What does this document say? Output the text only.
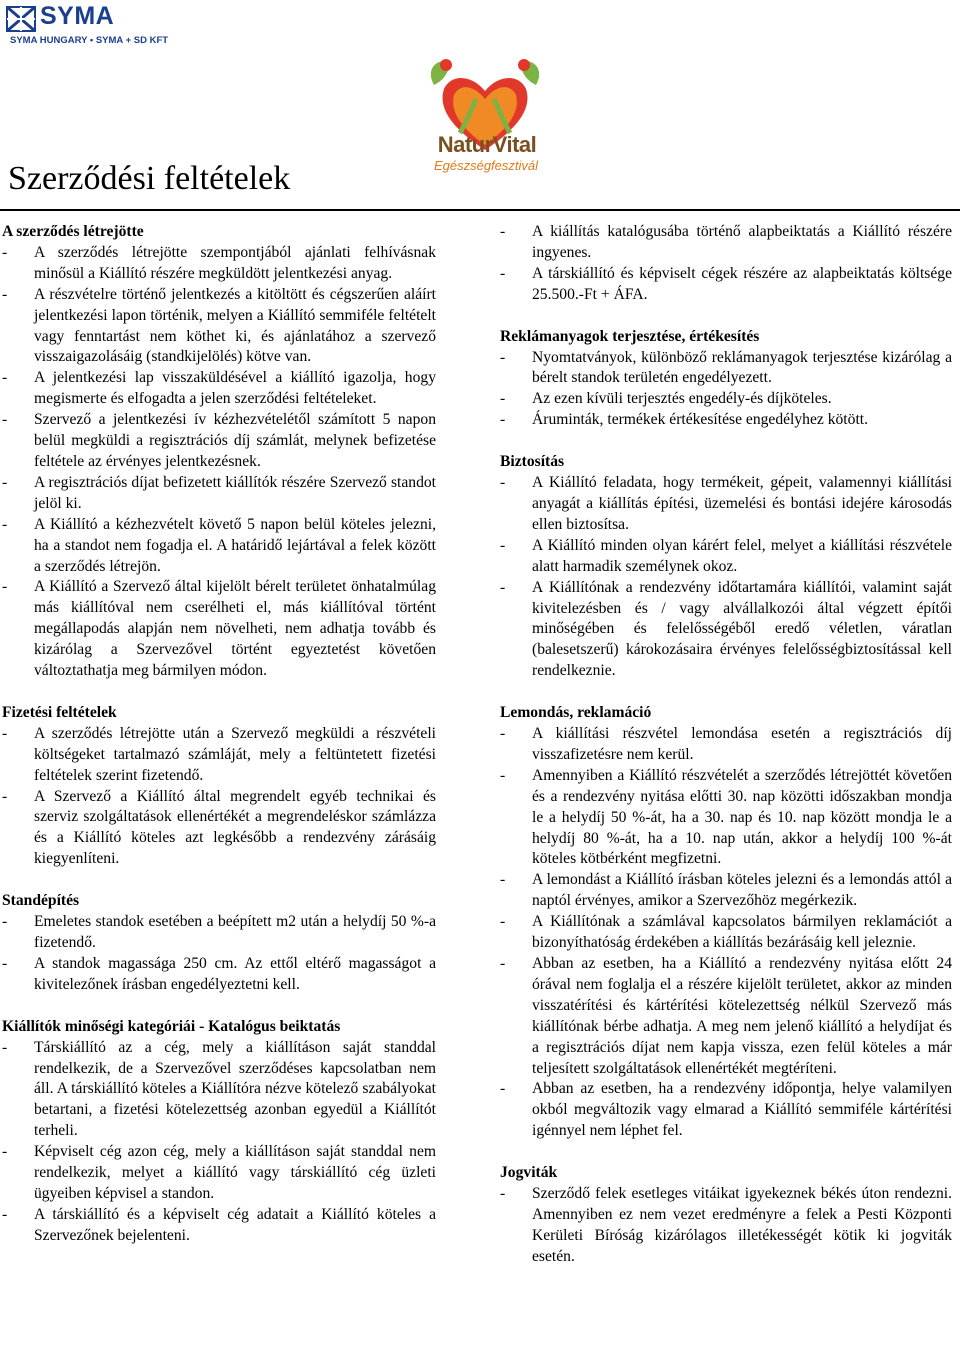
SYMA
SYMA HUNGARY • SYMA + SD KFT
NaturVital
Egészségfesztivál
Szerződési feltételek
A szerződés létrejötte
- A szerződés létrejötte szempontjából ajánlati felhívásnak minősül a Kiállító részére megküldött jelentkezési anyag.
- A részvételre történő jelentkezés a kitöltött és cégszerűen aláírt jelentkezési lapon történik, melyen a Kiállító semmiféle feltételt vagy fenntartást nem köthet ki, és ajánlatához a szervező visszaigazolásáig (standkijelölés) kötve van.
- A jelentkezési lap visszaküldésével a kiállító igazolja, hogy megismerte és elfogadta a jelen szerződési feltételeket.
- Szervező a jelentkezési ív kézhezvételétől számított 5 napon belül megküldi a regisztrációs díj számlát, melynek befizetése feltétele az érvényes jelentkezésnek.
- A regisztrációs díjat befizetett kiállítók részére Szervező standot jelöl ki.
- A Kiállító a kézhezvételt követő 5 napon belül köteles jelezni, ha a standot nem fogadja el. A határidő lejártával a felek között a szerződés létrejön.
- A Kiállító a Szervező által kijelölt bérelt területet önhatalmúlag más kiállítóval nem cserélheti el, más kiállítóval történt megállapodás alapján nem növelheti, nem adhatja tovább és kizárólag a Szervezővel történt egyeztetést követően változtathatja meg bármilyen módon.
Fizetési feltételek
- A szerződés létrejötte után a Szervező megküldi a részvételi költségeket tartalmazó számláját, mely a feltüntetett fizetési feltételek szerint fizetendő.
- A Szervező a Kiállító által megrendelt egyéb technikai és szerviz szolgáltatások ellenértékét a megrendeléskor számlázza és a Kiállító köteles azt legkésőbb a rendezvény zárásáig kiegyenlíteni.
Standépítés
- Emeletes standok esetében a beépített m2 után a helydíj 50 %-a fizetendő.
- A standok magassága 250 cm. Az ettől eltérő magasságot a kivitelezőnek írásban engedélyeztetni kell.
Kiállítók minőségi kategóriái - Katalógus beiktatás
- Társkiállító az a cég, mely a kiállításon saját standdal rendelkezik, de a Szervezővel szerződéses kapcsolatban nem áll. A társkiállító köteles a Kiállítóra nézve kötelező szabályokat betartani, a fizetési kötelezettség azonban egyedül a Kiállítót terheli.
- Képviselt cég azon cég, mely a kiállításon saját standdal nem rendelkezik, melyet a kiállító vagy társkiállító cég üzleti ügyeiben képvisel a standon.
- A társkiállító és a képviselt cég adatait a Kiállító köteles a Szervezőnek bejelenteni.
- A kiállítás katalógusába történő alapbeiktatás a Kiállító részére ingyenes.
- A társkiállító és képviselt cégek részére az alapbeiktatás költsége 25.500.-Ft + ÁFA.
Reklámanyagok terjesztése, értékesítés
- Nyomtatványok, különböző reklámanyagok terjesztése kizárólag a bérelt standok területén engedélyezett.
- Az ezen kívüli terjesztés engedély-és díjköteles.
- Áruminták, termékek értékesítése engedélyhez kötött.
Biztosítás
- A Kiállító feladata, hogy termékeit, gépeit, valamennyi kiállítási anyagát a kiállítás építési, üzemelési és bontási idejére károsodás ellen biztosítsa.
- A Kiállító minden olyan kárért felel, melyet a kiállítási részvétele alatt harmadik személynek okoz.
- A Kiállítónak a rendezvény időtartamára kiállítói, valamint saját kivitelezésben és / vagy alvállalkozói által végzett építői minőségében és felelősségéből eredő véletlen, váratlan (balesetszerű) károkozásaira érvényes felelősségbiztosítással kell rendelkeznie.
Lemondás, reklamáció
- A kiállítási részvétel lemondása esetén a regisztrációs díj visszafizetésre nem kerül.
- Amennyiben a Kiállító részvételét a szerződés létrejöttét követően és a rendezvény nyitása előtti 30. nap közötti időszakban mondja le a helydíj 50 %-át, ha a 30. nap és 10. nap között mondja le a helydíj 80 %-át, ha a 10. nap után, akkor a helydíj 100 %-át köteles kötbérként megfizetni.
- A lemondást a Kiállító írásban köteles jelezni és a lemondás attól a naptól érvényes, amikor a Szervezőhöz megérkezik.
- A Kiállítónak a számlával kapcsolatos bármilyen reklamációt a bizonyíthatóság érdekében a kiállítás bezárásáig kell jeleznie.
- Abban az esetben, ha a Kiállító a rendezvény nyitása előtt 24 órával nem foglalja el a részére kijelölt területet, akkor az minden visszatérítési és kártérítési kötelezettség nélkül Szervező más kiállítónak bérbe adhatja. A meg nem jelenő kiállító a helydíjat és a regisztrációs díjat nem kapja vissza, ezen felül köteles a már teljesített szolgáltatások ellenértékét megtéríteni.
- Abban az esetben, ha a rendezvény időpontja, helye valamilyen okból megváltozik vagy elmarad a Kiállító semmiféle kártérítési igénnyel nem léphet fel.
Jogviták
- Szerződő felek esetleges vitáikat igyekeznek békés úton rendezni. Amennyiben ez nem vezet eredményre a felek a Pesti Központi Kerületi Bíróság kizárólagos illetékességét kötik ki jogviták esetén.
